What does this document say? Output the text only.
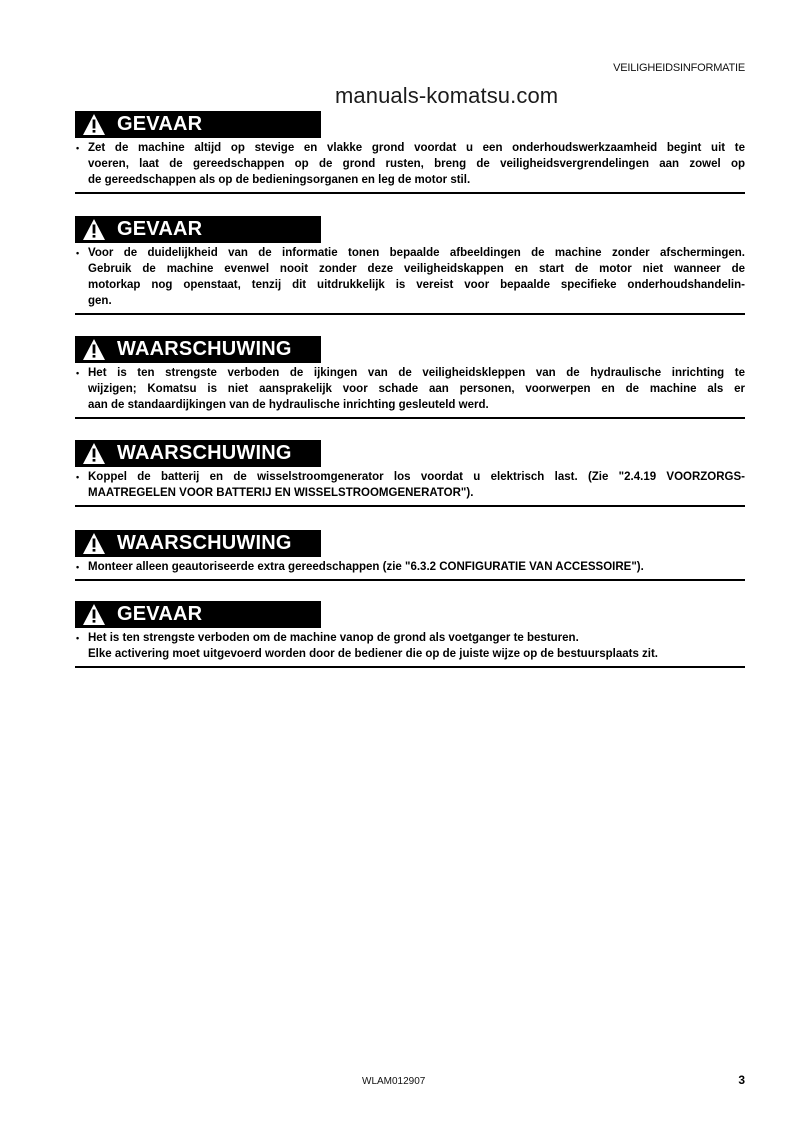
VEILIGHEIDSINFORMATIE
manuals-komatsu.com
GEVAAR
• Zet de machine altijd op stevige en vlakke grond voordat u een onderhoudswerkzaamheid begint uit te
voeren, laat de gereedschappen op de grond rusten, breng de veiligheidsvergrendelingen aan zowel op
de gereedschappen als op de bedieningsorganen en leg de motor stil.
GEVAAR
• Voor de duidelijkheid van de informatie tonen bepaalde afbeeldingen de machine zonder afschermingen.
Gebruik de machine evenwel nooit zonder deze veiligheidskappen en start de motor niet wanneer de
motorkap nog openstaat, tenzij dit uitdrukkelijk is vereist voor bepaalde specifieke onderhoudshandelin-
gen.
WAARSCHUWING
• Het is ten strengste verboden de ijkingen van de veiligheidskleppen van de hydraulische inrichting te
wijzigen; Komatsu is niet aansprakelijk voor schade aan personen, voorwerpen en de machine als er
aan de standaardijkingen van de hydraulische inrichting gesleuteld werd.
WAARSCHUWING
• Koppel de batterij en de wisselstroomgenerator los voordat u elektrisch last. (Zie "2.4.19 VOORZORGS-
MAATREGELEN VOOR BATTERIJ EN WISSELSTROOMGENERATOR").
WAARSCHUWING
• Monteer alleen geautoriseerde extra gereedschappen (zie "6.3.2 CONFIGURATIE VAN ACCESSOIRE").
GEVAAR
• Het is ten strengste verboden om de machine vanop de grond als voetganger te besturen.
Elke activering moet uitgevoerd worden door de bediener die op de juiste wijze op de bestuursplaats zit.
WLAM012907	3
